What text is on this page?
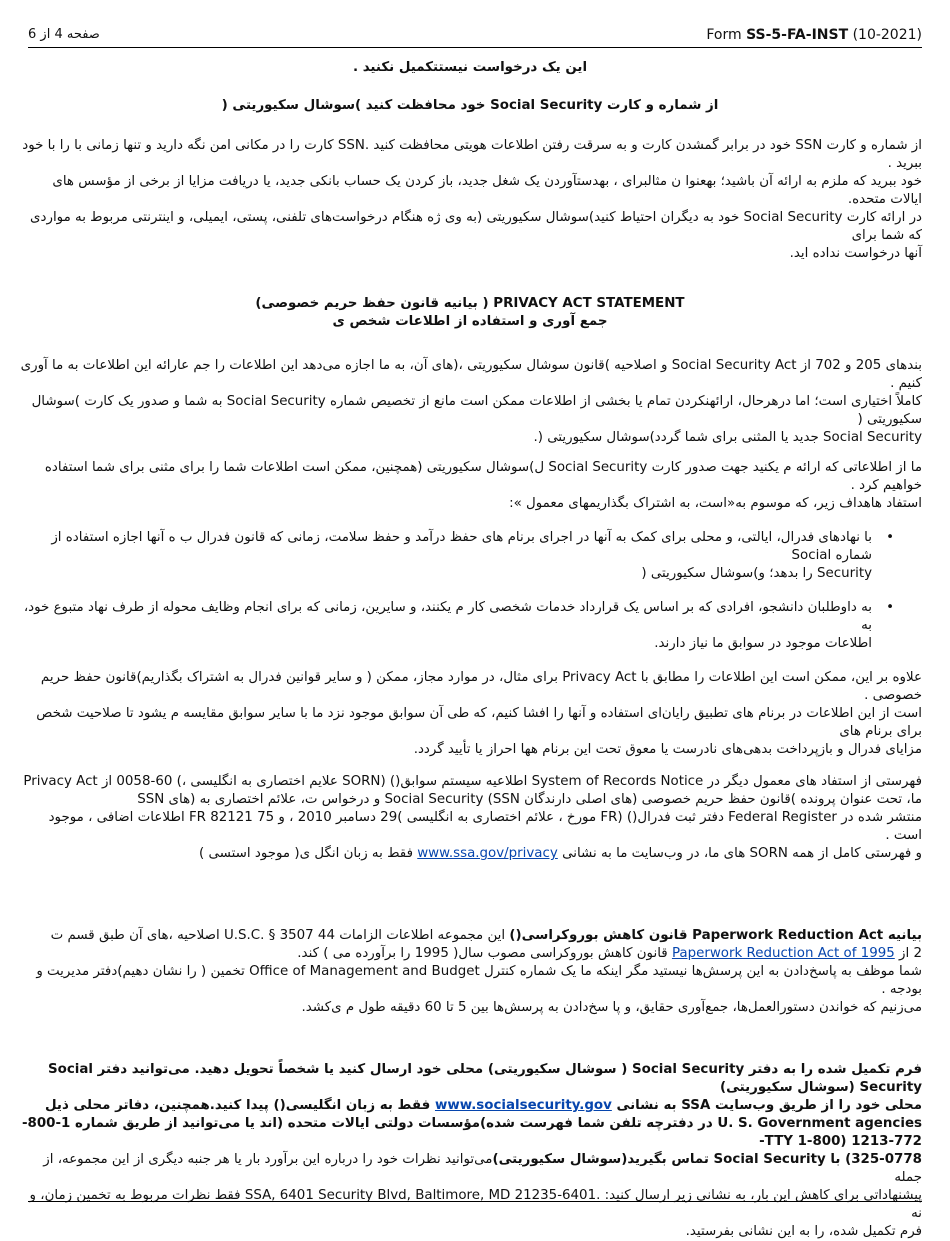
Form SS-5-FA-INST (10-2021)
صفحه 4 از 6

این یک درخواست نیستتکمیل نکنید .

از شماره و کارت Social Security خود محافظت کنید )سوشال سکیوریتی (

از شماره و کارت SSN خود در برابر گمشدن کارت و به سرقت رفتن اطلاعات هویتی محافظت کنید .SSN کارت را در مکانی امن نگه دارید و تنها زمانی با را با خود ببرید .

خود ببرید که ملزم به ارائه آن باشید؛ بهعنوا ن مثالبرای ، بهدستآوردن یک شغل جدید، باز کردن یک حساب بانکی جدید، یا دریافت مزایا از برخی از مؤسس های ایالات متحده.

در ارائه کارت Social Security خود به دیگران احتیاط کنید)سوشال سکیوریتی (به وی ژه هنگام درخواست‌های تلفنی، پستی، ایمیلی، و اینترنتی مربوط به مواردی که شما برای

آنها درخواست نداده اید.

PRIVACY ACT STATEMENT ( بیانیه قانون حفظ حریم خصوصی)

جمع آوری و استفاده از اطلاعات شخص ی

بندهای 205 و 702 از Social Security Act و اصلاحیه )قانون سوشال سکیوریتی ،(های آن، به ما اجازه می‌دهد این اطلاعات را جم عارائه این اطلاعات به ما آوری کنیم .

کاملاً اختیاری است؛ اما درهرحال، ارائهنکردن تمام یا بخشی از اطلاعات ممکن است مانع از تخصیص شماره Social Security به شما و صدور یک کارت )سوشال سکیوریتی (

Social Security جدید یا المثنی برای شما گردد)سوشال سکیوریتی (.

ما از اطلاعاتی که ارائه م یکنید جهت صدور کارت Social Security ل)سوشال سکیوریتی (همچنین، ممکن است اطلاعات شما را برای مثنی برای شما استفاده خواهیم کرد .

استفاد هاهداف زیر، که موسوم به«است، به اشتراک بگذاریمهای معمول »:

•

با نهادهای فدرال، ایالتی، و محلی برای کمک به آنها در اجرای برنام های حفظ درآمد و حفظ سلامت، زمانی که قانون فدرال ب ه آنها اجازه استفاده از شماره Social

Security را بدهد؛ و)سوشال سکیوریتی (

•

به داوطلبان دانشجو، افرادی که بر اساس یک قرارداد خدمات شخصی کار م یکنند، و سایرین، زمانی که برای انجام وظایف محوله از طرف نهاد متبوع خود، به

اطلاعات موجود در سوابق ما نیاز دارند.

علاوه بر این، ممکن است این اطلاعات را مطابق با Privacy Act برای مثال، در موارد مجاز، ممکن ( و سایر قوانین فدرال به اشتراک بگذاریم)قانون حفظ حریم خصوصی .

است از این اطلاعات در برنام های تطبیق رایان‌ای استفاده و آنها را افشا کنیم، که طی آن سوابق موجود نزد ما با سایر سوابق مقایسه م یشود تا صلاحیت شخص برای برنام های

مزایای فدرال و بازپرداخت بدهی‌های نادرست یا معوق تحت این برنام هها احراز یا تأیید گردد.

فهرستی از استفاد های معمول دیگر در System of Records Notice اطلاعیه سیستم سوابق() (SORN علایم اختصاری به انگلیسی ،) 60-0058 از Privacy Act

ما، تحت عنوان پرونده )قانون حفظ حریم خصوصی (های اصلی دارندگان SSN) Social Security و درخواس ت، علائم اختصاری به (های SSN

منتشر شده در Federal Register دفتر ثبت فدرال() (FR مورخ ، علائم اختصاری به انگلیسی )29 دسامبر 2010 ، و 75 FR 82121 اطلاعات اضافی ، موجود است .

و فهرستی کامل از همه SORN های ما، در وب‌سایت ما به نشانی www.ssa.gov/privacy فقط به زبان انگل ی( موجود استسی )

بیانیه Paperwork Reduction Act قانون کاهش بوروکراسی() این مجموعه اطلاعات الزامات 44 U.S.C. § 3507 اصلاحیه ،های آن طبق قسم ت

2 از Paperwork Reduction Act of 1995 قانون کاهش بوروکراسی مصوب سال( 1995 را برآورده می ) کند.

شما موظف به پاسخ‌دادن به این پرسش‌ها نیستید مگر اینکه ما یک شماره کنترل Office of Management and Budget تخمین ( را نشان دهیم)دفتر مدیریت و بودجه .

می‌زنیم که خواندن دستورالعمل‌ها، جمع‌آوری حقایق، و پا سخ‌دادن به پرسش‌ها بین 5 تا 60 دقیقه طول م ی‌کشد.

فرم تکمیل شده را به دفتر Social Security ( سوشال سکیوریتی) محلی خود ارسال کنید یا شخصاً تحویل دهید. می‌توانید دفتر Social Security (سوشال سکیوریتی)

محلی خود را از طریق وب‌سایت SSA به نشانی www.socialsecurity.gov فقط به زبان انگلیسی() پیدا کنید.همچنین، دفاتر محلی ذیل

U. S. Government agencies در دفترچه تلفن شما فهرست شده)مؤسسات دولتی ایالات متحده (اند یا می‌توانید از طریق شماره 1-800-772-1213 (TTY 1-800-

325-0778) با Social Security تماس بگیرید(سوشال سکیوریتی)می‌توانید نظرات خود را درباره این برآورد بار یا هر جنبه دیگری از این مجموعه، از جمله

پیشنهاداتی برای کاهش این بار، به نشانی زیر ارسال کنید: .SSA, 6401 Security Blvd, Baltimore, MD 21235-6401 فقط نظرات مربوط به تخمین زمان، و نه

فرم تکمیل شده، را به این نشانی بفرستید.
